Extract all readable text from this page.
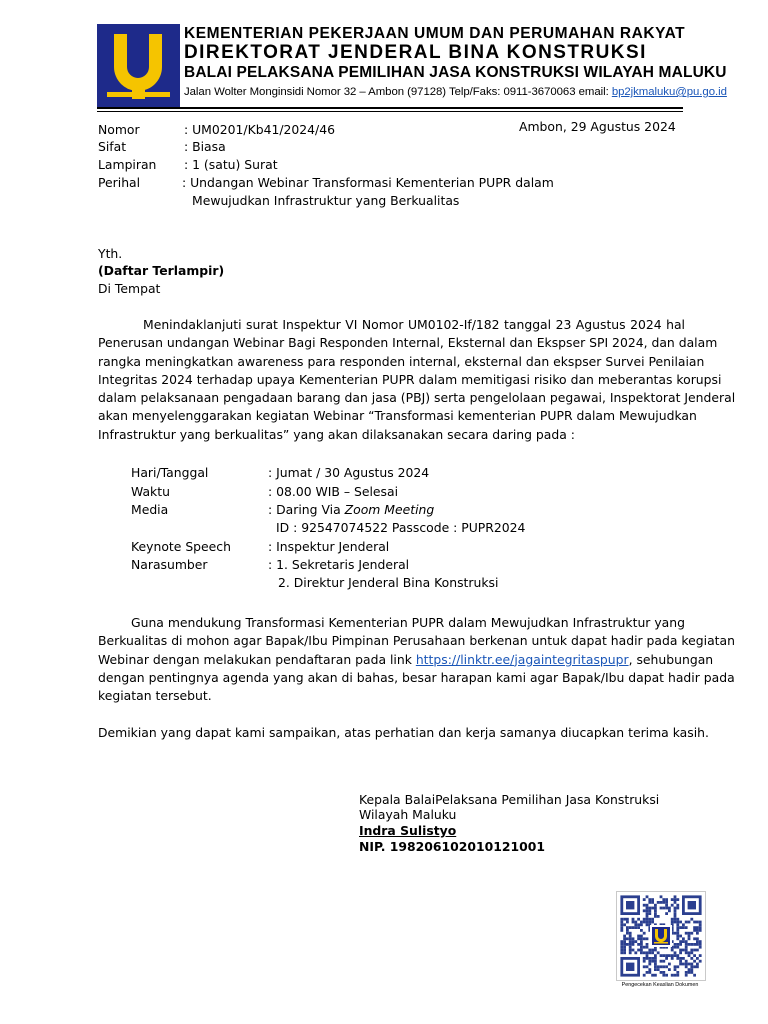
KEMENTERIAN PEKERJAAN UMUM DAN PERUMAHAN RAKYAT
DIREKTORAT JENDERAL BINA KONSTRUKSI
BALAI PELAKSANA PEMILIHAN JASA KONSTRUKSI WILAYAH MALUKU
Jalan Wolter Monginsidi Nomor 32 – Ambon (97128) Telp/Faks: 0911-3670063 email: bp2jkmaluku@pu.go.id
Nomor	: UM0201/Kb41/2024/46	Ambon, 29 Agustus 2024
Sifat	: Biasa
Lampiran : 1 (satu) Surat
Perihal	: Undangan Webinar Transformasi Kementerian PUPR dalam
Mewujudkan Infrastruktur yang Berkualitas
Yth.
(Daftar Terlampir)
Di Tempat
Menindaklanjuti surat Inspektur VI Nomor UM0102-If/182 tanggal 23 Agustus 2024 hal
Penerusan undangan Webinar Bagi Responden Internal, Eksternal dan Ekspser SPI 2024, dan dalam
rangka meningkatkan awareness para responden internal, eksternal dan ekspser Survei Penilaian
Integritas 2024 terhadap upaya Kementerian PUPR dalam memitigasi risiko dan meberantas korupsi
dalam pelaksanaan pengadaan barang dan jasa (PBJ) serta pengelolaan pegawai, Inspektorat Jenderal
akan menyelenggarakan kegiatan Webinar “Transformasi kementerian PUPR dalam Mewujudkan
Infrastruktur yang berkualitas” yang akan dilaksanakan secara daring pada :
Hari/Tanggal	: Jumat / 30 Agustus 2024
Waktu	: 08.00 WIB – Selesai
Media	: Daring Via Zoom Meeting
ID : 92547074522 Passcode : PUPR2024
Keynote Speech	: Inspektur Jenderal
Narasumber	: 1. Sekretaris Jenderal
2. Direktur Jenderal Bina Konstruksi
Guna mendukung Transformasi Kementerian PUPR dalam Mewujudkan Infrastruktur yang
Berkualitas di mohon agar Bapak/Ibu Pimpinan Perusahaan berkenan untuk dapat hadir pada kegiatan
Webinar dengan melakukan pendaftaran pada link https://linktr.ee/jagaintegritaspupr, sehubungan
dengan pentingnya agenda yang akan di bahas, besar harapan kami agar Bapak/Ibu dapat hadir pada
kegiatan tersebut.
Demikian yang dapat kami sampaikan, atas perhatian dan kerja samanya diucapkan terima kasih.
Kepala BalaiPelaksana Pemilihan Jasa Konstruksi
Wilayah Maluku
Indra Sulistyo
NIP. 198206102010121001
Pengecekan Keaslian Dokumen
